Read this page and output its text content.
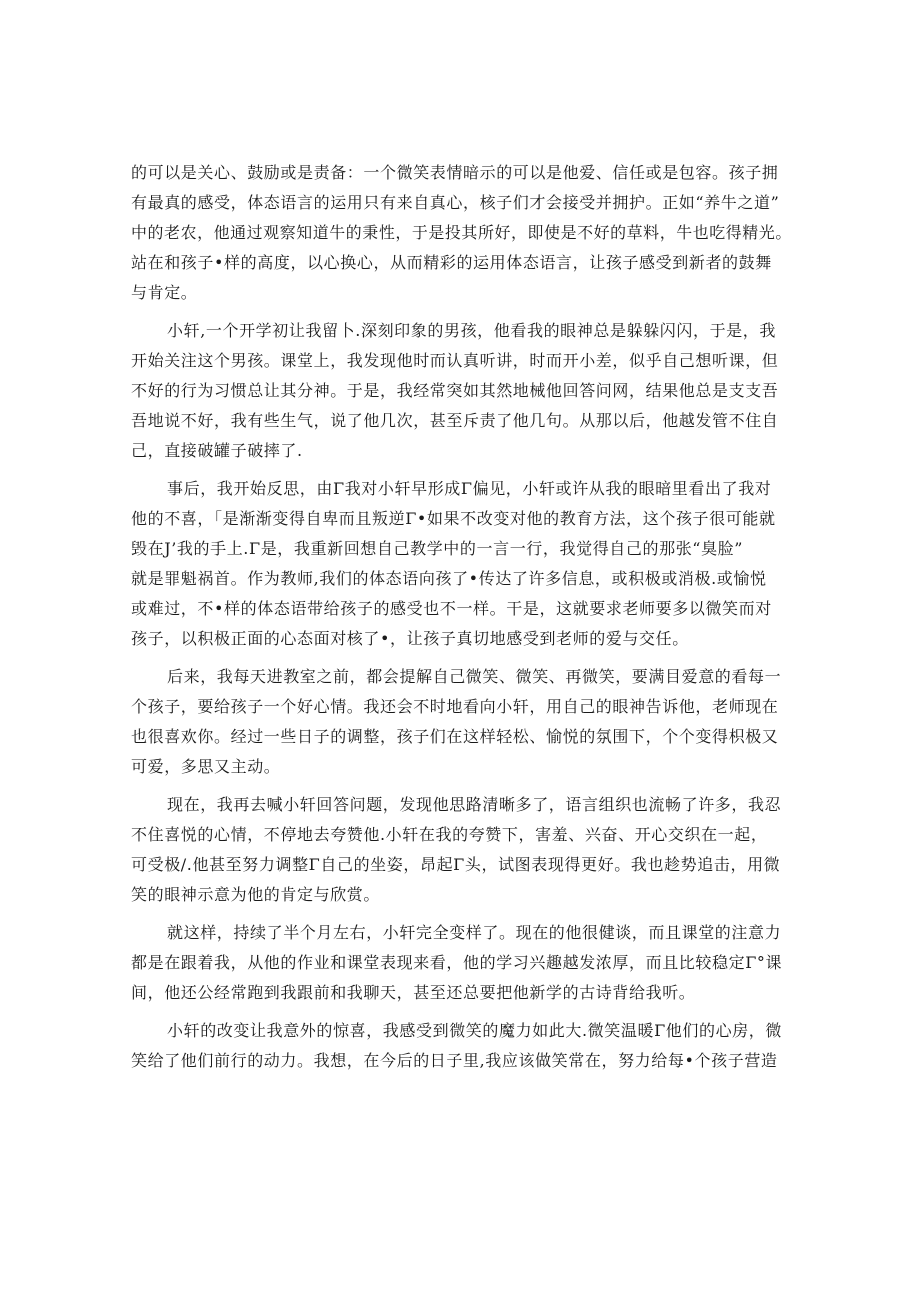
的可以是关心、鼓励或是责备：一个微笑表情暗示的可以是他爱、信任或是包容。孩子拥
有最真的感受，体态语言的运用只有来自真心，核子们才会接受并拥护。正如“养牛之道”
中的老农，他通过观察知道牛的秉性，于是投其所好，即使是不好的草料，牛也吃得精光。
站在和孩子•样的高度，以心换心，从而精彩的运用体态语言，让孩子感受到新者的鼓舞
与肯定。
小轩,一个开学初让我留卜.深刻印象的男孩，他看我的眼神总是躲躲闪闪，于是，我
开始关注这个男孩。课堂上，我发现他时而认真听讲，时而开小差，似乎自己想听课，但
不好的行为习惯总让其分神。于是，我经常突如其然地械他回答问网，结果他总是支支吾
吾地说不好，我有些生气，说了他几次，甚至斥责了他几句。从那以后，他越发管不住自
己，直接破罐子破摔了.
事后，我开始反思，由Γ我对小轩早形成Γ偏见，小轩或许从我的眼暗里看出了我对
他的不喜，「是渐渐变得自卑而且叛逆Γ•如果不改变对他的教育方法，这个孩子很可能就
毁在J’我的手上.Γ是，我重新回想自己教学中的一言一行，我觉得自己的那张“臭脸”
就是罪魁祸首。作为教师,我们的体态语向孩了•传达了许多信息，或积极或消极.或愉悦
或难过，不•样的体态语带给孩子的感受也不一样。干是，这就要求老师要多以微笑而对
孩子，以积极正面的心态面对核了•，让孩子真切地感受到老师的爱与交任。
后来，我每天进教室之前，都会提解自己微笑、微笑、再微笑，要满目爱意的看每一
个孩子，要给孩子一个好心情。我还会不时地看向小轩，用自己的眼神告诉他，老师现在
也很喜欢你。经过一些日子的调整，孩子们在这样轻松、愉悦的氛围下，个个变得枳极又
可爱，多思又主动。
现在，我再去喊小轩回答问题，发现他思路清晰多了，语言组织也流畅了许多，我忍
不住喜悦的心情，不停地去夸赞他.小轩在我的夸赞下，害羞、兴奋、开心交织在一起，
可受极/.他甚至努力调整Γ自己的坐姿，昂起Γ头，试图表现得更好。我也趁势追击，用微
笑的眼神示意为他的肯定与欣赏。
就这样，持续了半个月左右，小轩完全变样了。现在的他很健谈，而且课堂的注意力
都是在跟着我，从他的作业和课堂表现来看，他的学习兴趣越发浓厚，而且比较稳定Γ°课
间，他还公经常跑到我跟前和我聊天，甚至还总要把他新学的古诗背给我听。
小轩的改变让我意外的惊喜，我感受到微笑的魔力如此大.微笑温暖Γ他们的心房，微
笑给了他们前行的动力。我想，在今后的日子里,我应该做笑常在，努力给每•个孩子营造
